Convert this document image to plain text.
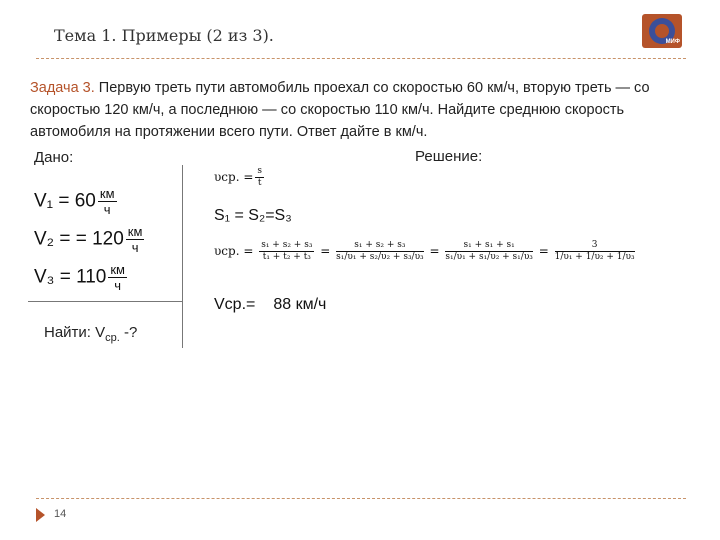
Тема 1. Примеры (2 из 3).	МИФ
Задача 3. Первую треть пути автомобиль проехал со скоростью 60 км/ч, вторую треть — со скоростью 120 км/ч, а последнюю — со скоростью 110 км/ч. Найдите среднюю скорость автомобиля на протяжении всего пути. Ответ дайте в км/ч.
Дано:	Решение:
$V_1 = 60 \frac{км}{ч}$
V₂ = = $120 \frac{км}{ч}$
$V_3 = 110 \frac{км}{ч}$
Найти: $V_{ср.}$ -?
υср. = $\frac{s}{t}$
S₁ = S₂=S₃
υср. = $\frac{\text{s₁ + s₂ + s₃}}{\text{t₁ + t₂ + t₃}} = \frac{\text{s₁ + s₂ + s₃}}{\text{s₁/υ₁ + s₂/υ₂ + s₃/υ₃}} = \frac{\text{s₁ + s₁ + s₁}}{\text{s₁/υ₁ + s₁/υ₂ + s₁/υ₃}} = \frac{3}{\text{1/υ₁ + 1/υ₂ + 1/υ₃}}$
Vср.= 88 км/ч
14
